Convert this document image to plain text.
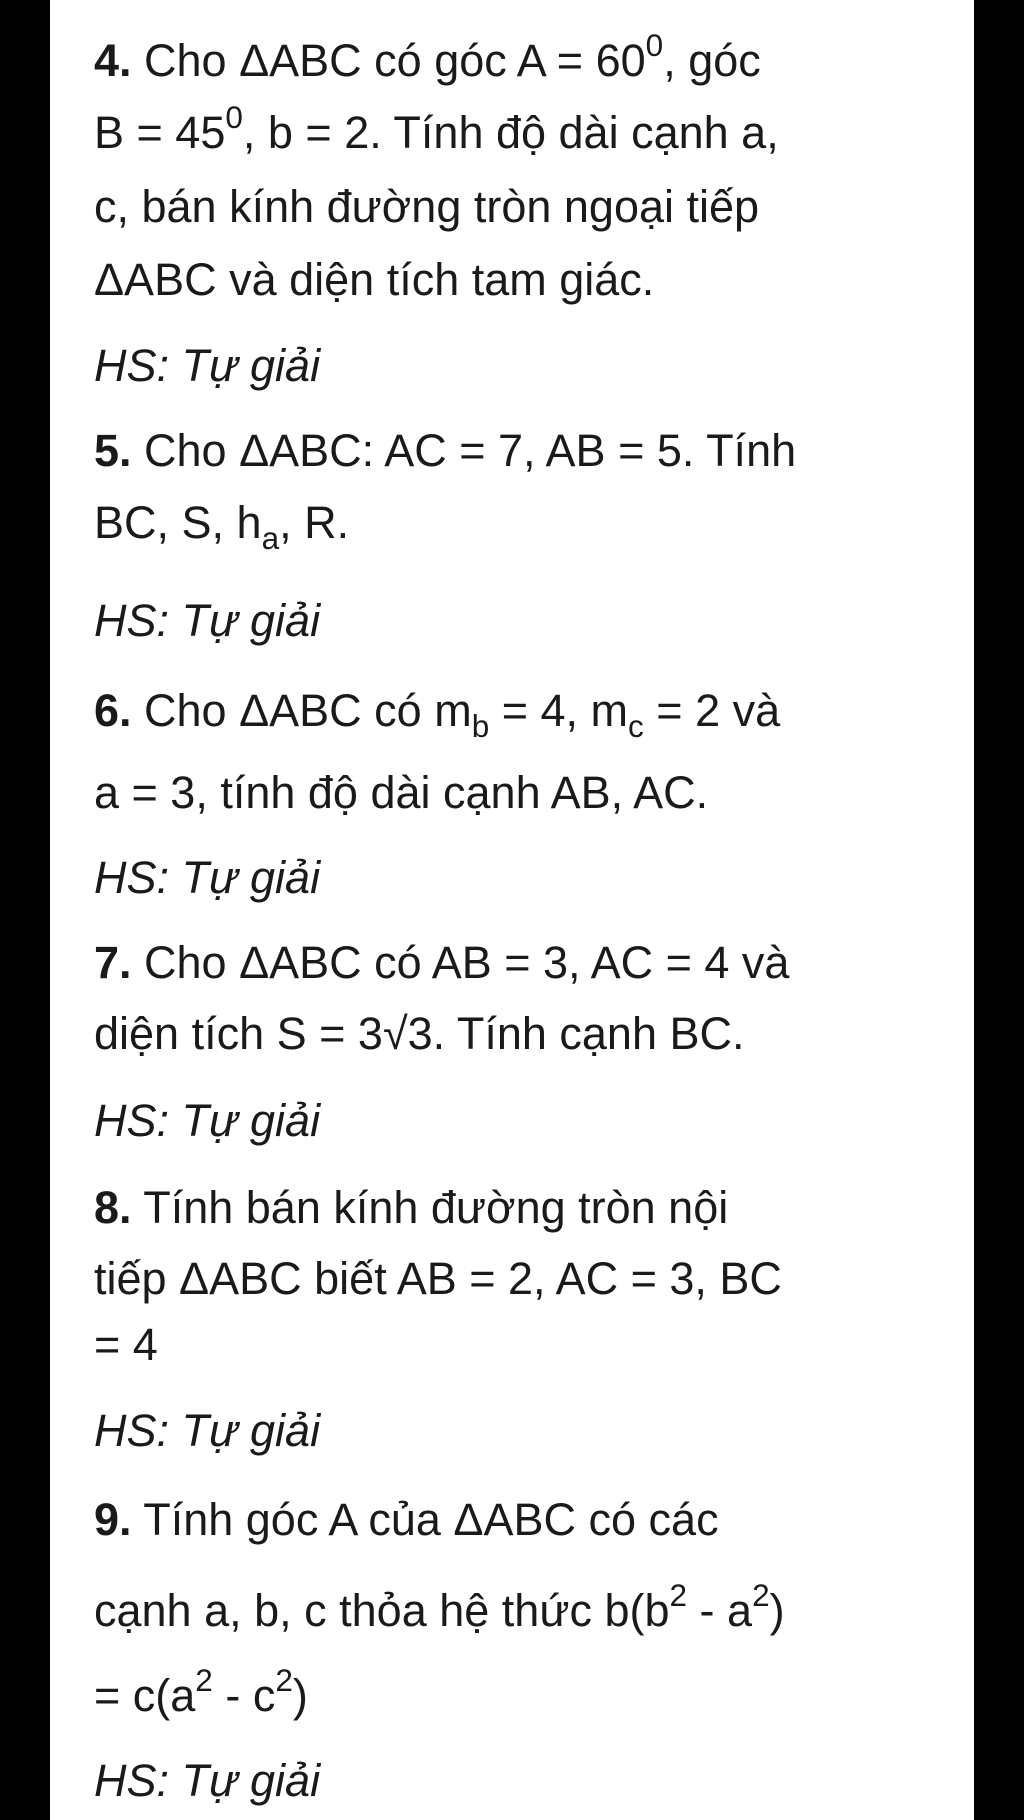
4. Cho ΔABC có góc $A = 60^0$, góc
$B = 45^0$, b = 2. Tính độ dài cạnh a,
c, bán kính đường tròn ngoại tiếp
ΔABC và diện tích tam giác.
HS: Tự giải
5. Cho ΔABC: AC = 7, AB = 5. Tính
BC, S, $h_a$, R.
HS: Tự giải
6. Cho ΔABC có $m_b = 4$, $m_c = 2$ và
a = 3, tính độ dài cạnh AB, AC.
HS: Tự giải
7. Cho ΔABC có AB = 3, AC = 4 và
diện tích S = 3√3. Tính cạnh BC.
HS: Tự giải
8. Tính bán kính đường tròn nội
tiếp ΔABC biết AB = 2, AC = 3, BC
= 4
HS: Tự giải
9. Tính góc A của ΔABC có các
cạnh a, b, c thỏa hệ thức $b(b^2 - a^2)$
= $c(a^2 - c^2)$
HS: Tự giải
